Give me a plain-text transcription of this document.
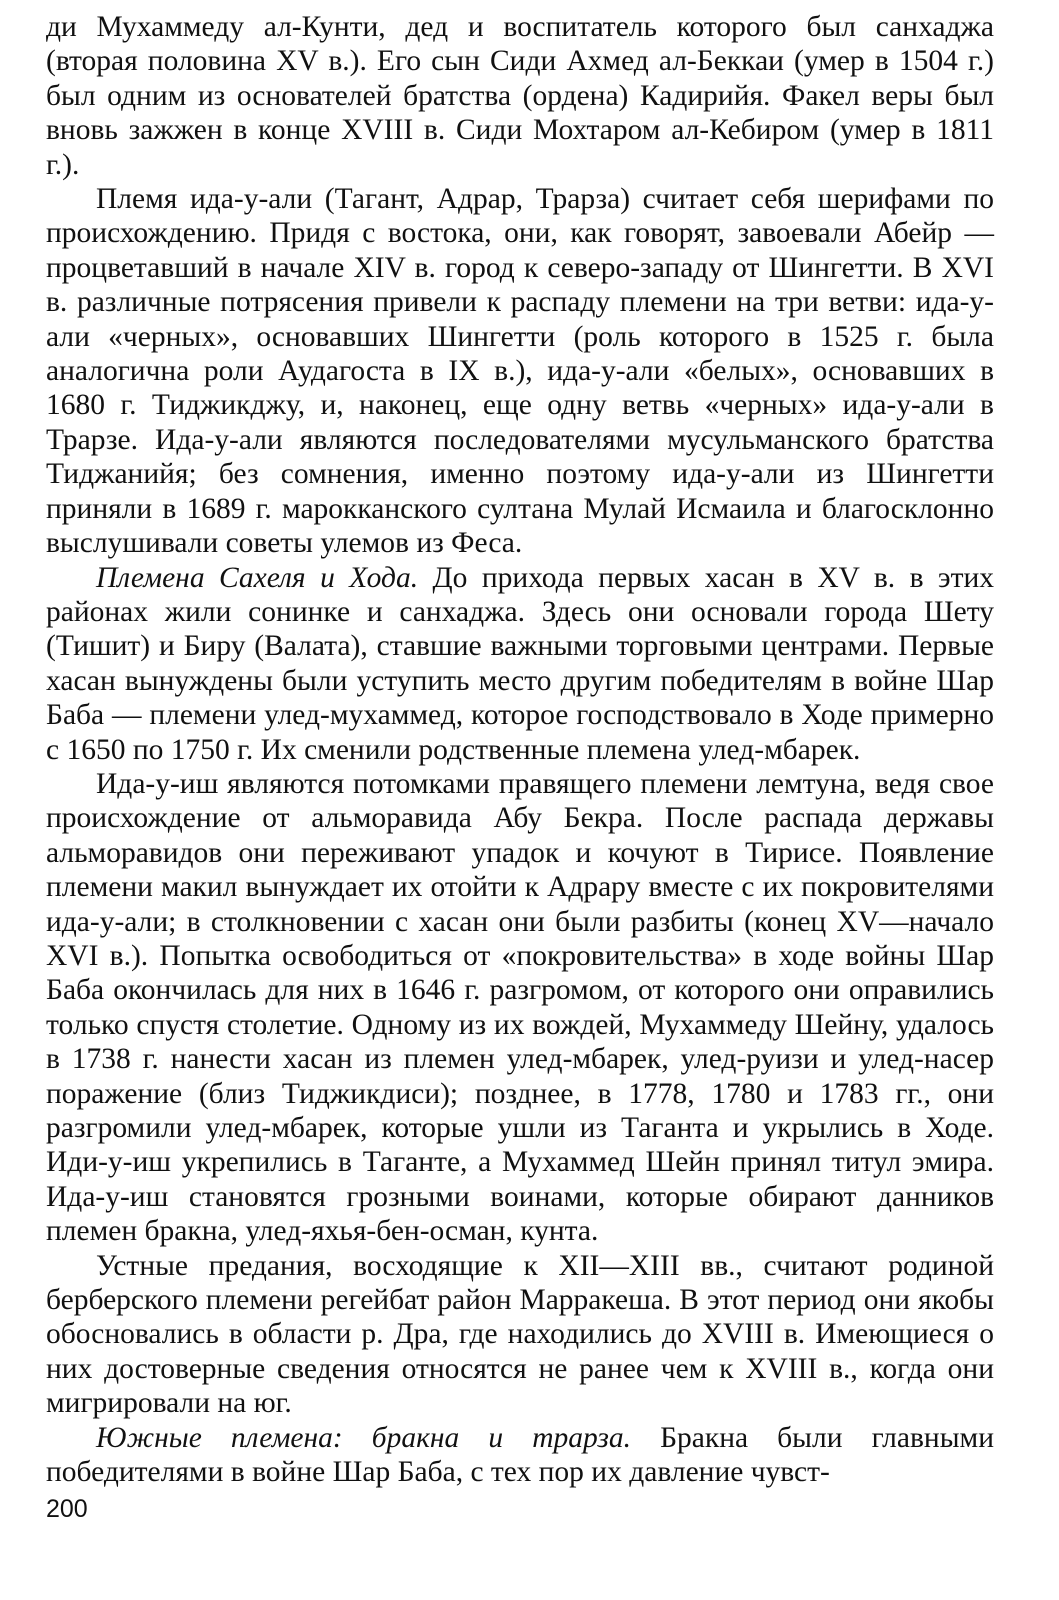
ди Мухаммеду ал-Кунти, дед и воспитатель которого был санхаджа (вторая половина XV в.). Его сын Сиди Ахмед ал-Беккаи (умер в 1504 г.) был одним из основателей братства (ордена) Кадирийя. Факел веры был вновь зажжен в конце XVIII в. Сиди Мохтаром ал-Кебиром (умер в 1811 г.).

Племя ида-у-али (Тагант, Адрар, Трарза) считает себя шерифами по происхождению. Придя с востока, они, как говорят, завоевали Абейр — процветавший в начале XIV в. город к северо-западу от Шингетти. В XVI в. различные потрясения привели к распаду племени на три ветви: ида-у-али «черных», основавших Шингетти (роль которого в 1525 г. была аналогична роли Аудагоста в IX в.), ида-у-али «белых», основавших в 1680 г. Тиджикджу, и, наконец, еще одну ветвь «черных» ида-у-али в Трарзе. Ида-у-али являются последователями мусульманского братства Тиджанийя; без сомнения, именно поэтому ида-у-али из Шингетти приняли в 1689 г. марокканского султана Мулай Исмаила и благосклонно выслушивали советы улемов из Феса.

Племена Сахеля и Хода. До прихода первых хасан в XV в. в этих районах жили сонинке и санхаджа. Здесь они основали города Шету (Тишит) и Биру (Валата), ставшие важными торговыми центрами. Первые хасан вынуждены были уступить место другим победителям в войне Шар Баба — племени улед-мухаммед, которое господствовало в Ходе примерно с 1650 по 1750 г. Их сменили родственные племена улед-мбарек.

Ида-у-иш являются потомками правящего племени лемтуна, ведя свое происхождение от альморавида Абу Бекра. После распада державы альморавидов они переживают упадок и кочуют в Тирисе. Появление племени макил вынуждает их отойти к Адрару вместе с их покровителями ида-у-али; в столкновении с хасан они были разбиты (конец XV—начало XVI в.). Попытка освободиться от «покровительства» в ходе войны Шар Баба окончилась для них в 1646 г. разгромом, от которого они оправились только спустя столетие. Одному из их вождей, Мухаммеду Шейну, удалось в 1738 г. нанести хасан из племен улед-мбарек, улед-руизи и улед-насер поражение (близ Тиджикдиси); позднее, в 1778, 1780 и 1783 гг., они разгромили улед-мбарек, которые ушли из Таганта и укрылись в Ходе. Иди-у-иш укрепились в Таганте, а Мухаммед Шейн принял титул эмира. Ида-у-иш становятся грозными воинами, которые обирают данников племен бракна, улед-яхья-бен-осман, кунта.

Устные предания, восходящие к XII—XIII вв., считают родиной берберского племени регейбат район Марракеша. В этот период они якобы обосновались в области р. Дра, где находились до XVIII в. Имеющиеся о них достоверные сведения относятся не ранее чем к XVIII в., когда они мигрировали на юг.

Южные племена: бракна и трарза. Бракна были главными победителями в войне Шар Баба, с тех пор их давление чувст-

200
